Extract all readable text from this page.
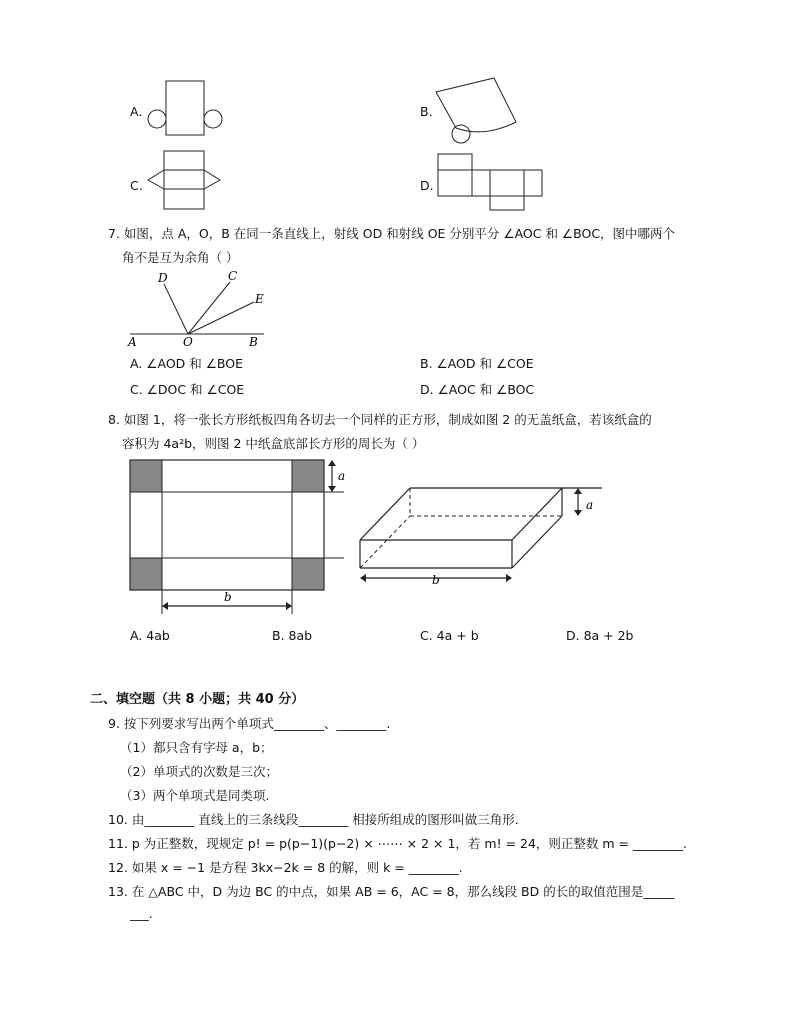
A.	B.
C.	D.
7. 如图，点 A，O，B 在同一条直线上，射线 OD 和射线 OE 分别平分 ∠AOC 和 ∠BOC，图中哪两个
角不是互为余角（ ）
D	C
E
A	O	B
A. ∠AOD 和 ∠BOE	B. ∠AOD 和 ∠COE
C. ∠DOC 和 ∠COE	D. ∠AOC 和 ∠BOC
8. 如图 1，将一张长方形纸板四角各切去一个同样的正方形，制成如图 2 的无盖纸盒，若该纸盒的
容积为 4a²b，则图 2 中纸盒底部长方形的周长为（ ）
a
b
a
b
A. 4ab	B. 8ab	C. 4a + b	D. 8a + 2b
二、填空题（共 8 小题；共 40 分）
9. 按下列要求写出两个单项式________、________.
（1）都只含有字母 a，b；
（2）单项式的次数是三次；
（3）两个单项式是同类项.
10. 由________ 直线上的三条线段________ 相接所组成的图形叫做三角形.
11. p 为正整数，现规定 p! = p(p−1)(p−2) × ⋯⋯ × 2 × 1，若 m! = 24，则正整数 m = ________.
12. 如果 x = −1 是方程 3kx−2k = 8 的解，则 k = ________.
13. 在 △ABC 中，D 为边 BC 的中点，如果 AB = 6，AC = 8，那么线段 BD 的长的取值范围是_____
___.
